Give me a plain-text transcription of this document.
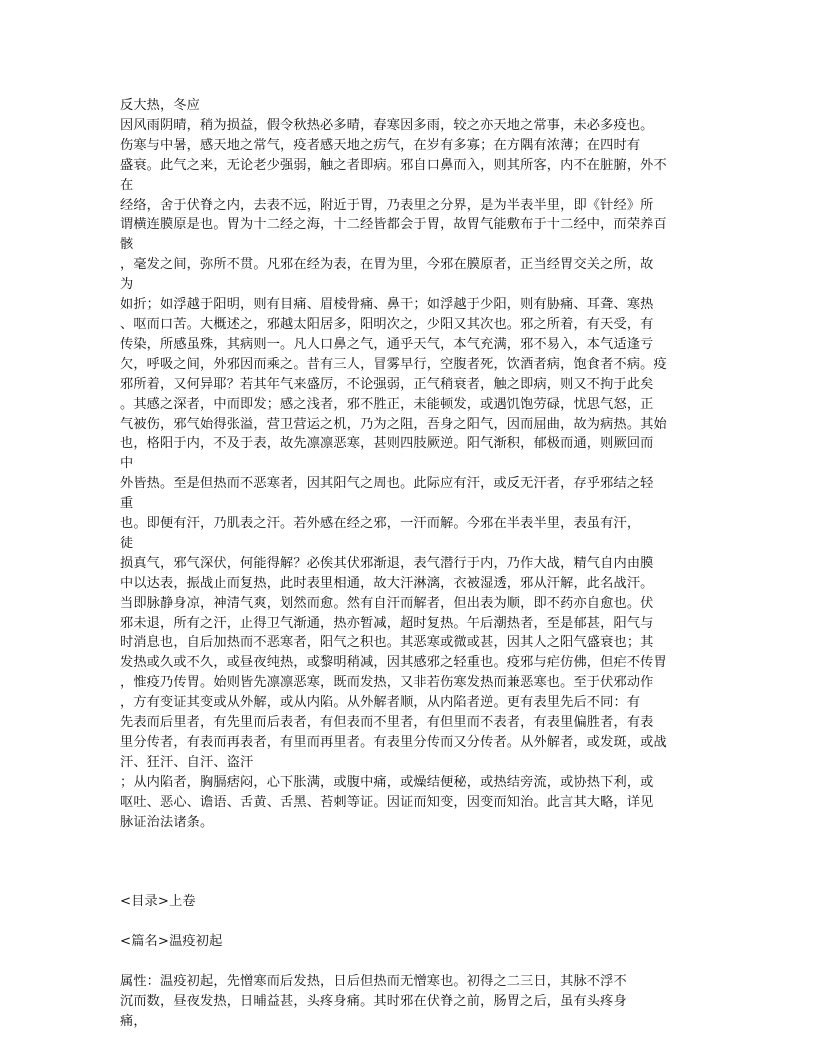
反大热，冬应
因风雨阴晴，稍为损益，假令秋热必多晴，春寒因多雨，较之亦天地之常事，未必多疫也。
伤寒与中暑，感天地之常气，疫者感天地之疠气，在岁有多寡；在方隅有浓薄；在四时有
盛衰。此气之来，无论老少强弱，触之者即病。邪自口鼻而入，则其所客，内不在脏腑，外不
在
经络，舍于伏脊之内，去表不远，附近于胃，乃表里之分界，是为半表半里，即《针经》所
谓横连膜原是也。胃为十二经之海，十二经皆都会于胃，故胃气能敷布于十二经中，而荣养百
骸
，毫发之间，弥所不贯。凡邪在经为表，在胃为里，今邪在膜原者，正当经胃交关之所，故
为
如折；如浮越于阳明，则有目痛、眉棱骨痛、鼻干；如浮越于少阳，则有胁痛、耳聋、寒热
、呕而口苦。大概述之，邪越太阳居多，阳明次之，少阳又其次也。邪之所着，有天受，有
传染，所感虽殊，其病则一。凡人口鼻之气，通乎天气，本气充满，邪不易入，本气适逢亏
欠，呼吸之间，外邪因而乘之。昔有三人，冒雾早行，空腹者死，饮酒者病，饱食者不病。疫
邪所着，又何异耶？若其年气来盛厉，不论强弱，正气稍衰者，触之即病，则又不拘于此矣
。其感之深者，中而即发；感之浅者，邪不胜正，未能顿发，或遇饥饱劳碌，忧思气怒，正
气被伤，邪气始得张溢，营卫营运之机，乃为之阻，吾身之阳气，因而屈曲，故为病热。其始
也，格阳于内，不及于表，故先凛凛恶寒，甚则四肢厥逆。阳气渐积，郁极而通，则厥回而
中
外皆热。至是但热而不恶寒者，因其阳气之周也。此际应有汗，或反无汗者，存乎邪结之轻
重
也。即便有汗，乃肌表之汗。若外感在经之邪，一汗而解。今邪在半表半里，表虽有汗，
徒
损真气，邪气深伏，何能得解？必俟其伏邪渐退，表气潜行于内，乃作大战，精气自内由膜
中以达表，振战止而复热，此时表里相通，故大汗淋漓，衣被湿透，邪从汗解，此名战汗。
当即脉静身凉，神清气爽，划然而愈。然有自汗而解者，但出表为顺，即不药亦自愈也。伏
邪未退，所有之汗，止得卫气渐通，热亦暂减，超时复热。午后潮热者，至是郁甚，阳气与
时消息也，自后加热而不恶寒者，阳气之积也。其恶寒或微或甚，因其人之阳气盛衰也；其
发热或久或不久，或昼夜纯热，或黎明稍减，因其感邪之轻重也。疫邪与疟仿佛，但疟不传胃
，惟疫乃传胃。始则皆先凛凛恶寒，既而发热，又非若伤寒发热而兼恶寒也。至于伏邪动作
，方有变证其变或从外解，或从内陷。从外解者顺，从内陷者逆。更有表里先后不同：有
先表而后里者，有先里而后表者，有但表而不里者，有但里而不表者，有表里偏胜者，有表
里分传者，有表而再表者，有里而再里者。有表里分传而又分传者。从外解者，或发斑，或战
汗、狂汗、自汗、盗汗
；从内陷者，胸膈痞闷，心下胀满，或腹中痛，或燥结便秘，或热结旁流，或协热下利，或
呕吐、恶心、谵语、舌黄、舌黑、苔刺等证。因证而知变，因变而知治。此言其大略，详见
脉证治法诸条。
<目录>上卷
<篇名>温疫初起
属性：温疫初起，先憎寒而后发热，日后但热而无憎寒也。初得之二三日，其脉不浮不
沉而数，昼夜发热，日晡益甚，头疼身痛。其时邪在伏脊之前，肠胃之后，虽有头疼身
痛，
